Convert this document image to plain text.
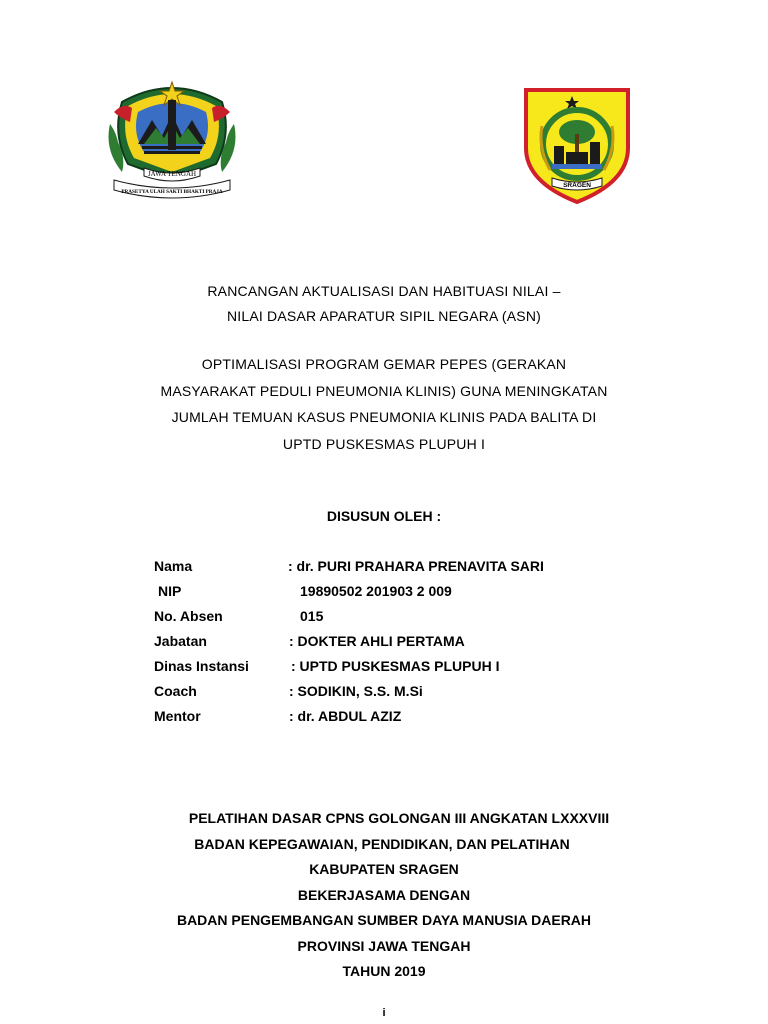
JAWA TENGAH
PRASETYA ULAH SAKTI BHAKTI PRAJA
SRAGEN
RANCANGAN AKTUALISASI DAN HABITUASI NILAI –
NILAI DASAR APARATUR SIPIL NEGARA (ASN)
OPTIMALISASI PROGRAM GEMAR PEPES (GERAKAN
MASYARAKAT PEDULI PNEUMONIA KLINIS) GUNA MENINGKATAN
JUMLAH TEMUAN KASUS PNEUMONIA KLINIS PADA BALITA DI
UPTD PUSKESMAS PLUPUH I
DISUSUN OLEH :
Nama	: dr. PURI PRAHARA PRENAVITA SARI
NIP	19890502 201903 2 009
No. Absen	015
Jabatan	: DOKTER AHLI PERTAMA
Dinas Instansi	: UPTD PUSKESMAS PLUPUH I
Coach	: SODIKIN, S.S. M.Si
Mentor	: dr. ABDUL AZIZ
PELATIHAN DASAR CPNS GOLONGAN III ANGKATAN LXXXVIII
BADAN KEPEGAWAIAN, PENDIDIKAN, DAN PELATIHAN
KABUPATEN SRAGEN
BEKERJASAMA DENGAN
BADAN PENGEMBANGAN SUMBER DAYA MANUSIA DAERAH
PROVINSI JAWA TENGAH
TAHUN 2019
i
